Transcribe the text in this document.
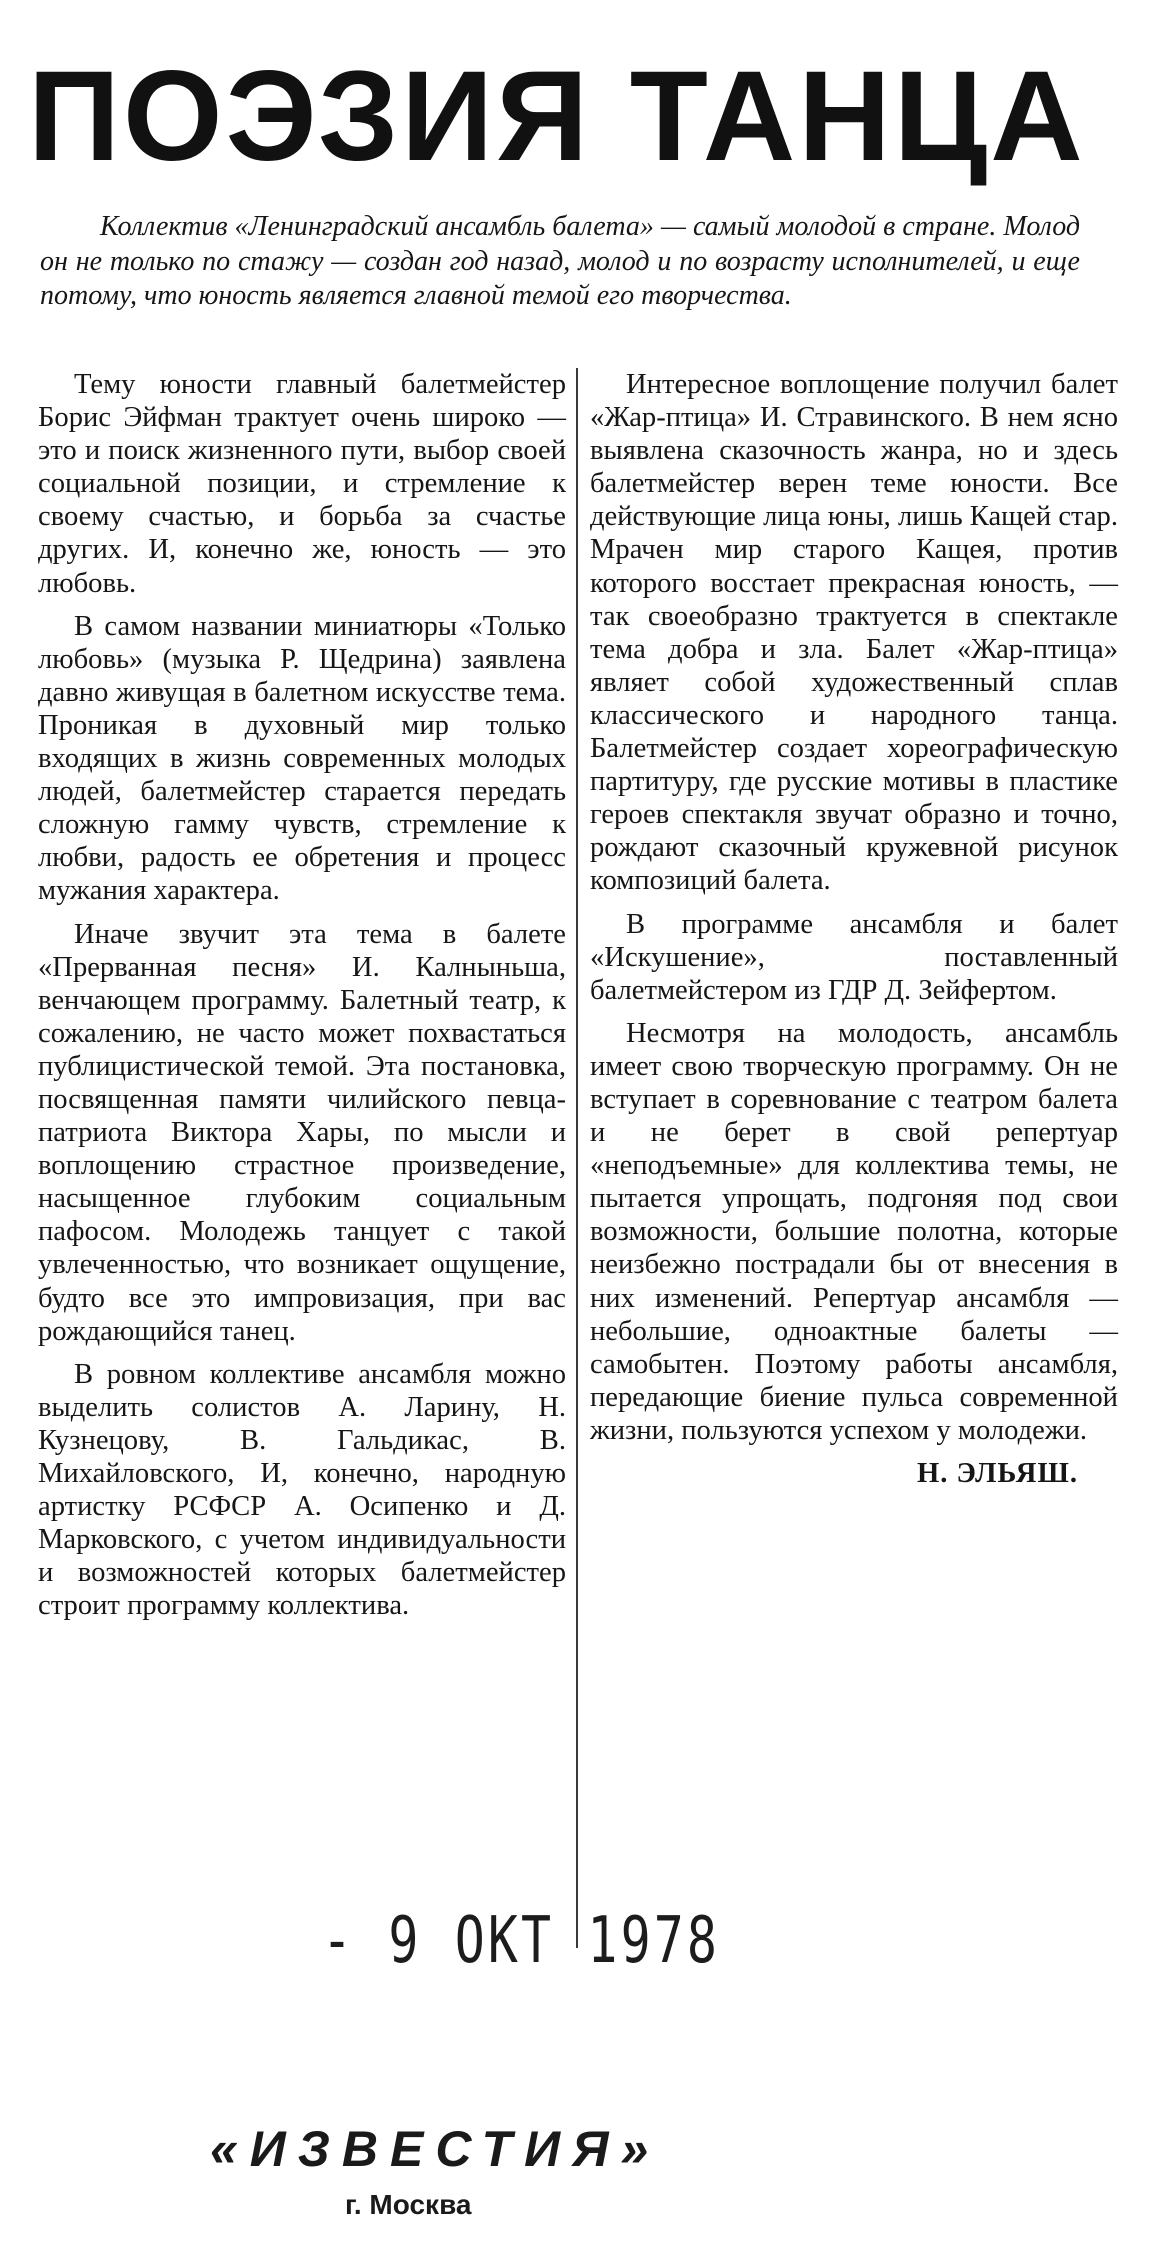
ПОЭЗИЯ ТАНЦА

Коллектив «Ленинградский ансамбль балета» — самый молодой в стране. Молод он не только по стажу — создан год назад, молод и по возрасту исполнителей, и еще потому, что юность является главной темой его творчества.

Тему юности главный балетмейстер Борис Эйфман трактует очень широко — это и поиск жизненного пути, выбор своей социальной позиции, и стремление к своему счастью, и борьба за счастье других. И, конечно же, юность — это любовь.

В самом названии миниатюры «Только любовь» (музыка Р. Щедрина) заявлена давно живущая в балетном искусстве тема. Проникая в духовный мир только входящих в жизнь современных молодых людей, балетмейстер старается передать сложную гамму чувств, стремление к любви, радость ее обретения и процесс мужания характера.

Иначе звучит эта тема в балете «Прерванная песня» И. Калныньша, венчающем программу. Балетный театр, к сожалению, не часто может похвастаться публицистической темой. Эта постановка, посвященная памяти чилийского певца-патриота Виктора Хары, по мысли и воплощению страстное произведение, насыщенное глубоким социальным пафосом. Молодежь танцует с такой увлеченностью, что возникает ощущение, будто все это импровизация, при вас рождающийся танец.

В ровном коллективе ансамбля можно выделить солистов А. Ларину, Н. Кузнецову, В. Гальдикас, В. Михайловского, И, конечно, народную артистку РСФСР А. Осипенко и Д. Марковского, с учетом индивидуальности и возможностей которых балетмейстер строит программу коллектива.

Интересное воплощение получил балет «Жар-птица» И. Стравинского. В нем ясно выявлена сказочность жанра, но и здесь балетмейстер верен теме юности. Все действующие лица юны, лишь Кащей стар. Мрачен мир старого Кащея, против которого восстает прекрасная юность, — так своеобразно трактуется в спектакле тема добра и зла. Балет «Жар-птица» являет собой художественный сплав классического и народного танца. Балетмейстер создает хореографическую партитуру, где русские мотивы в пластике героев спектакля звучат образно и точно, рождают сказочный кружевной рисунок композиций балета.

В программе ансамбля и балет «Искушение», поставленный балетмейстером из ГДР Д. Зейфертом.

Несмотря на молодость, ансамбль имеет свою творческую программу. Он не вступает в соревнование с театром балета и не берет в свой репертуар «неподъемные» для коллектива темы, не пытается упрощать, подгоняя под свои возможности, большие полотна, которые неизбежно пострадали бы от внесения в них изменений. Репертуар ансамбля — небольшие, одноактные балеты — самобытен. Поэтому работы ансамбля, передающие биение пульса современной жизни, пользуются успехом у молодежи.

Н. ЭЛЬЯШ.
- 9 ОКТ 1978
«ИЗВЕСТИЯ»
г. Москва
